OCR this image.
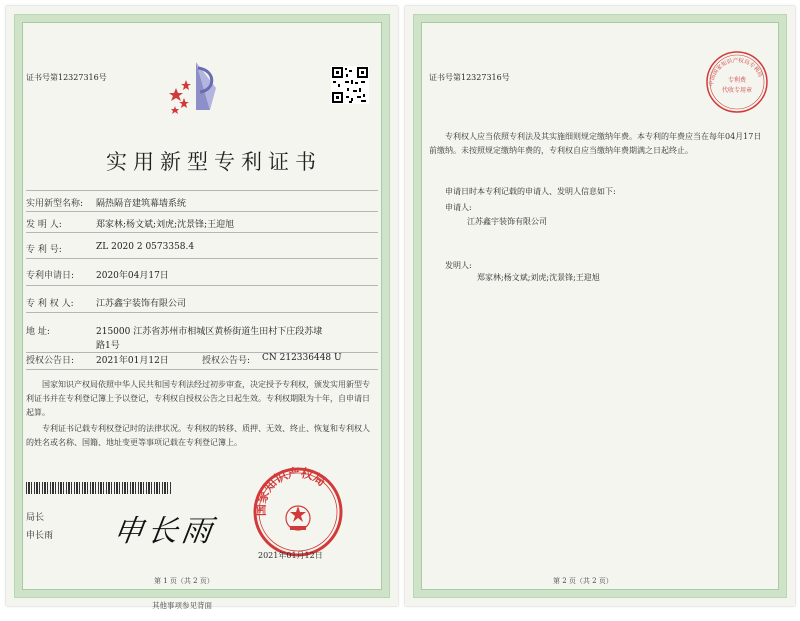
证书号第12327316号
实用新型专利证书
实用新型名称: 隔热隔音建筑幕墙系统
发 明 人:	郑家林;杨文斌;刘虎;沈景锋;王迎旭
专 利 号:	ZL 2020 2 0573358.4
专利申请日: 2020年04月17日
专 利 权 人: 江苏鑫宇装饰有限公司
地 址:	215000 江苏省苏州市相城区黄桥街道生田村下庄段苏埭
路1号
授权公告日: 2021年01月12日	授权公告号: CN 212336448 U
国家知识产权局依照中华人民共和国专利法经过初步审查，决定授予专利权，颁发实用新型专利证书并在专利登记簿上予以登记，专利权自授权公告之日起生效。专利权期限为十年，自申请日起算。
专利证书记载专利权登记时的法律状况。专利权的转移、质押、无效、终止、恢复和专利权人的姓名或名称、国籍、地址变更等事项记载在专利登记簿上。
局长
申长雨 申长雨
国家知识产权局
2021年01月12日
第 1 页（共 2 页）
其他事项参见背面
证书号第12327316号
中国国家知识产权局专利局
专利费
代收专用章
专利权人应当依照专利法及其实施细则规定缴纳年费。本专利的年费应当在每年04月17日前缴纳。未按照规定缴纳年费的，专利权自应当缴纳年费期满之日起终止。
申请日时本专利记载的申请人、发明人信息如下:
申请人:
江苏鑫宇装饰有限公司
发明人:
郑家林;杨文斌;刘虎;沈景锋;王迎旭
第 2 页（共 2 页）
